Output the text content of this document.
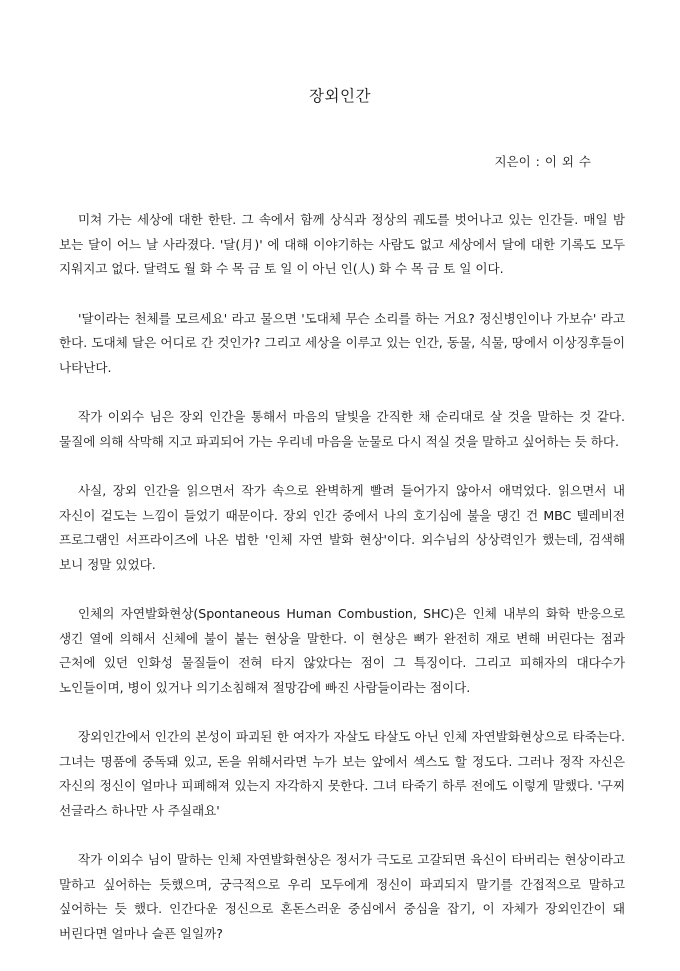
장외인간

지은이 : 이 외 수

미쳐 가는 세상에 대한 한탄. 그 속에서 함께 상식과 정상의 궤도를 벗어나고 있는 인간들. 매일 밤 보는 달이 어느 날 사라졌다. '달(月)' 에 대해 이야기하는 사람도 없고 세상에서 달에 대한 기록도 모두 지워지고 없다. 달력도 월 화 수 목 금 토 일 이 아닌 인(人) 화 수 목 금 토 일 이다.

'달이라는 천체를 모르세요' 라고 물으면 '도대체 무슨 소리를 하는 거요? 정신병인이나 가보슈' 라고 한다. 도대체 달은 어디로 간 것인가? 그리고 세상을 이루고 있는 인간, 동물, 식물, 땅에서 이상징후들이 나타난다.

작가 이외수 님은 장외 인간을 통해서 마음의 달빛을 간직한 채 순리대로 살 것을 말하는 것 같다. 물질에 의해 삭막해 지고 파괴되어 가는 우리네 마음을 눈물로 다시 적실 것을 말하고 싶어하는 듯 하다.

사실, 장외 인간을 읽으면서 작가 속으로 완벽하게 빨려 들어가지 않아서 애먹었다. 읽으면서 내 자신이 겉도는 느낌이 들었기 때문이다. 장외 인간 중에서 나의 호기심에 불을 댕긴 건 MBC 텔레비전 프로그램인 서프라이즈에 나온 법한 '인체 자연 발화 현상'이다. 외수님의 상상력인가 했는데, 검색해 보니 정말 있었다.

인체의 자연발화현상(Spontaneous Human Combustion, SHC)은 인체 내부의 화학 반응으로 생긴 열에 의해서 신체에 불이 붙는 현상을 말한다. 이 현상은 뼈가 완전히 재로 변해 버린다는 점과 근처에 있던 인화성 물질들이 전혀 타지 않았다는 점이 그 특징이다. 그리고 피해자의 대다수가 노인들이며, 병이 있거나 의기소침해져 절망감에 빠진 사람들이라는 점이다.

장외인간에서 인간의 본성이 파괴된 한 여자가 자살도 타살도 아닌 인체 자연발화현상으로 타죽는다. 그녀는 명품에 중독돼 있고, 돈을 위해서라면 누가 보는 앞에서 섹스도 할 정도다. 그러나 정작 자신은 자신의 정신이 얼마나 피폐해져 있는지 자각하지 못한다. 그녀 타죽기 하루 전에도 이렇게 말했다. '구찌 선글라스 하나만 사 주실래요'

작가 이외수 님이 말하는 인체 자연발화현상은 정서가 극도로 고갈되면 육신이 타버리는 현상이라고 말하고 싶어하는 듯했으며, 궁극적으로 우리 모두에게 정신이 파괴되지 말기를 간접적으로 말하고 싶어하는 듯 했다. 인간다운 정신으로 혼돈스러운 중심에서 중심을 잡기, 이 자체가 장외인간이 돼 버린다면 얼마나 슬픈 일일까?
